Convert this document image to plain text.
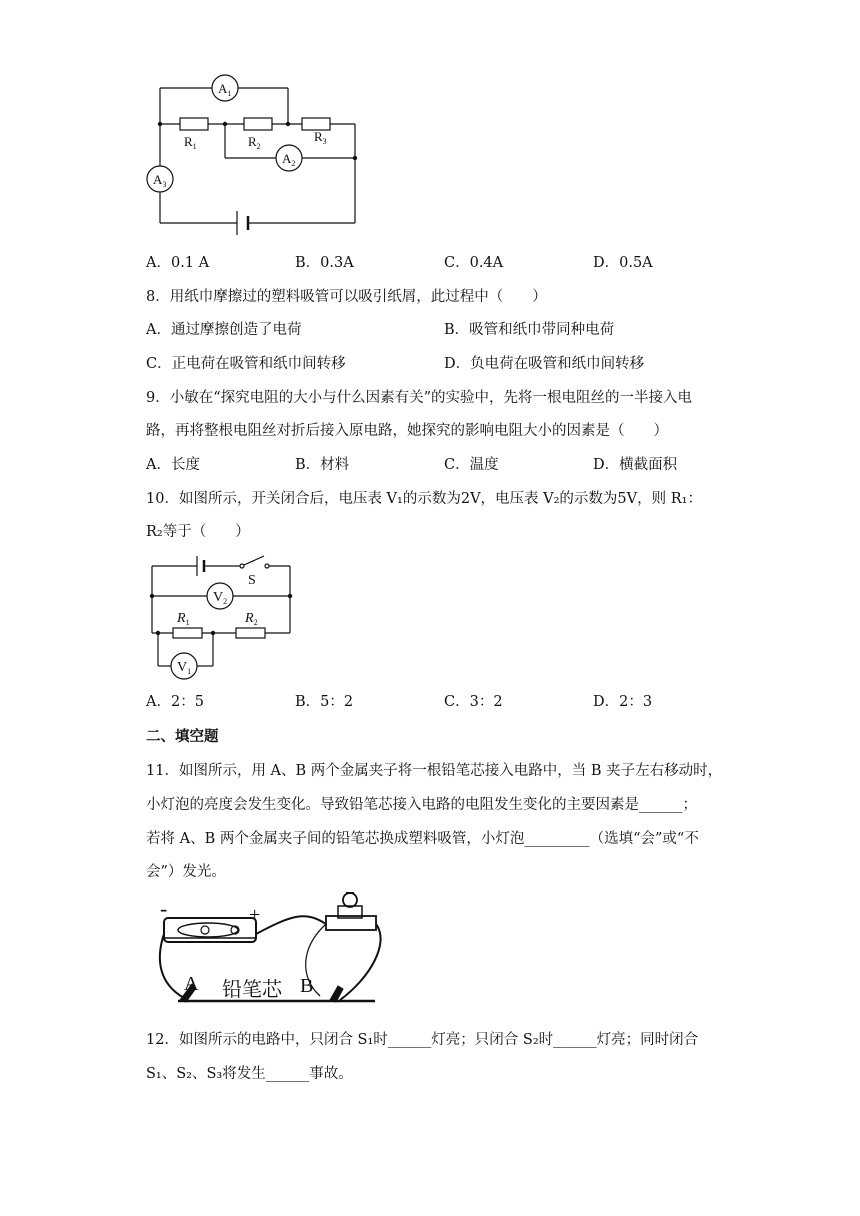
$A_1$
$A_2$
$A_3$
$R_1$	$R_2$
$R_3$
A．0.1 A	B．0.3A	C．0.4A	D．0.5A
8．用纸巾摩擦过的塑料吸管可以吸引纸屑，此过程中（　　）
A．通过摩擦创造了电荷	B．吸管和纸巾带同种电荷
C．正电荷在吸管和纸巾间转移	D．负电荷在吸管和纸巾间转移
9．小敏在“探究电阻的大小与什么因素有关”的实验中，先将一根电阻丝的一半接入电
路，再将整根电阻丝对折后接入原电路，她探究的影响电阻大小的因素是（　　）
A．长度	B．材料	C．温度	D．横截面积
10．如图所示，开关闭合后，电压表 V₁的示数为2V，电压表 V₂的示数为5V，则 R₁：
R₂等于（　　）
S
$V_2$
$V_1$
$R_1$	$R_2$
A．2：5	B．5：2	C．3：2	D．2：3
二、填空题
11．如图所示，用 A、B 两个金属夹子将一根铅笔芯接入电路中，当 B 夹子左右移动时，
小灯泡的亮度会发生变化。导致铅笔芯接入电路的电阻发生变化的主要因素是______；
若将 A、B 两个金属夹子间的铅笔芯换成塑料吸管，小灯泡_________（选填“会”或“不
会”）发光。
-	+
A 铅笔芯 B
12．如图所示的电路中，只闭合 S₁时______灯亮；只闭合 S₂时______灯亮；同时闭合
S₁、S₂、S₃将发生______事故。
